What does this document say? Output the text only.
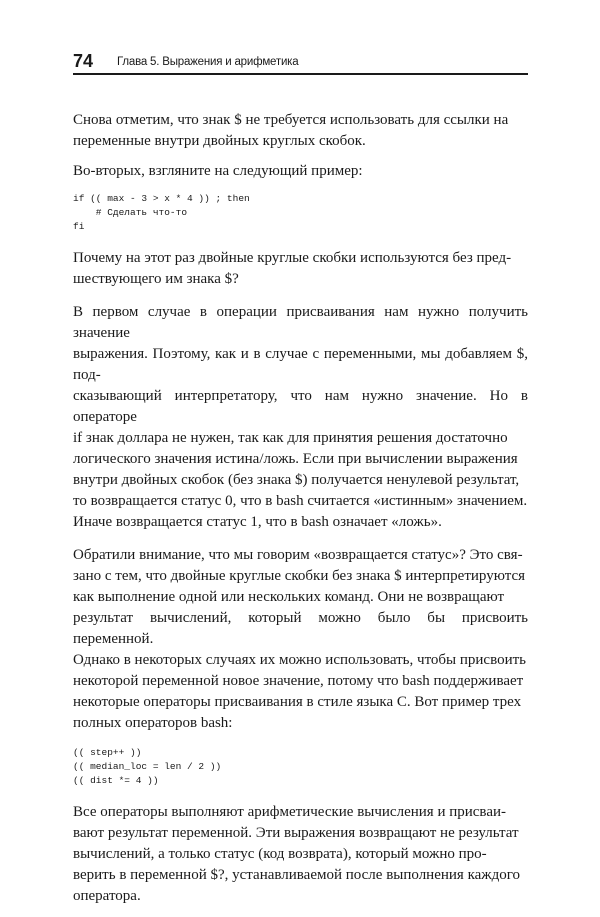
74 Глава 5. Выражения и арифметика

Снова отметим, что знак $ не требуется использовать для ссылки на
переменные внутри двойных круглых скобок.

Во-вторых, взгляните на следующий пример:

if (( max - 3 > x * 4 )) ; then
# Сделать что-то
fi

Почему на этот раз двойные круглые скобки используются без пред-
шествующего им знака $?

В первом случае в операции присваивания нам нужно получить значение
выражения. Поэтому, как и в случае с переменными, мы добавляем $, под-
сказывающий интерпретатору, что нам нужно значение. Но в операторе
if знак доллара не нужен, так как для принятия решения достаточно
логического значения истина/ложь. Если при вычислении выражения
внутри двойных скобок (без знака $) получается ненулевой результат,
то возвращается статус 0, что в bash считается «истинным» значением.
Иначе возвращается статус 1, что в bash означает «ложь».

Обратили внимание, что мы говорим «возвращается статус»? Это свя-
зано с тем, что двойные круглые скобки без знака $ интерпретируются
как выполнение одной или нескольких команд. Они не возвращают
результат вычислений, который можно было бы присвоить переменной.
Однако в некоторых случаях их можно использовать, чтобы присвоить
некоторой переменной новое значение, потому что bash поддерживает
некоторые операторы присваивания в стиле языка C. Вот пример трех
полных операторов bash:

(( step++ ))
(( median_loc = len / 2 ))
(( dist *= 4 ))

Все операторы выполняют арифметические вычисления и присваи-
вают результат переменной. Эти выражения возвращают не результат
вычислений, а только статус (код возврата), который можно про-
верить в переменной $?, устанавливаемой после выполнения каждого
оператора.
